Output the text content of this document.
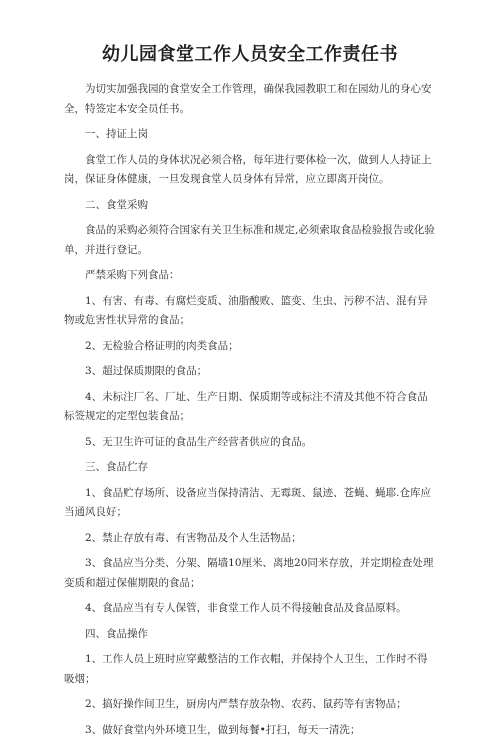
幼儿园食堂工作人员安全工作责任书

为切实加强我园的食堂安全工作管理，确保我园教职工和在园幼儿的身心安全，特签定本安全员任书。

一、持证上岗

食堂工作人员的身体状况必须合格，每年进行要体检一次，做到人人持证上岗，保证身体健康，一旦发现食堂人员身体有异常，应立即离开岗位。

二、食堂采购

食品的采购必须符合国家有关卫生标准和规定,必须索取食品检验报告或化验单，并进行登记。

严禁采购下列食品：

1、有害、有毒、有腐烂变质、油脂酸败、篮变、生虫、污秽不洁、混有异物或危害性状异常的食品；

2、无检验合格证明的肉类食品；

3、超过保质期限的食品；

4、未标注厂名、厂址、生产日期、保质期等或标注不清及其他不符合食品标签规定的定型包装食品；

5、无卫生许可证的食品生产经营者供应的食品。

三、食品伫存

1、食品贮存场所、设备应当保持清洁、无霉斑、鼠迹、苍蝇、蝇耶.仓库应当通风良好；

2、禁止存放有毒、有害物品及个人生活物品；

3、食品应当分类、分架、隔墙10厘米、离地20同米存放，并定期检查处理变质和超过保催期限的食品；

4、食品应当有专人保管，非食堂工作人员不得接触食品及食品原料。

四、食品操作

1、工作人员上班时应穿戴整洁的工作衣帽，并保持个人卫生，工作时不得吸烟；

2、搞好操作间卫生，厨房内严禁存放杂物、农药、鼠药等有害物品；

3、做好食堂内外环境卫生，做到每餐•打扫，每天一清洗；
